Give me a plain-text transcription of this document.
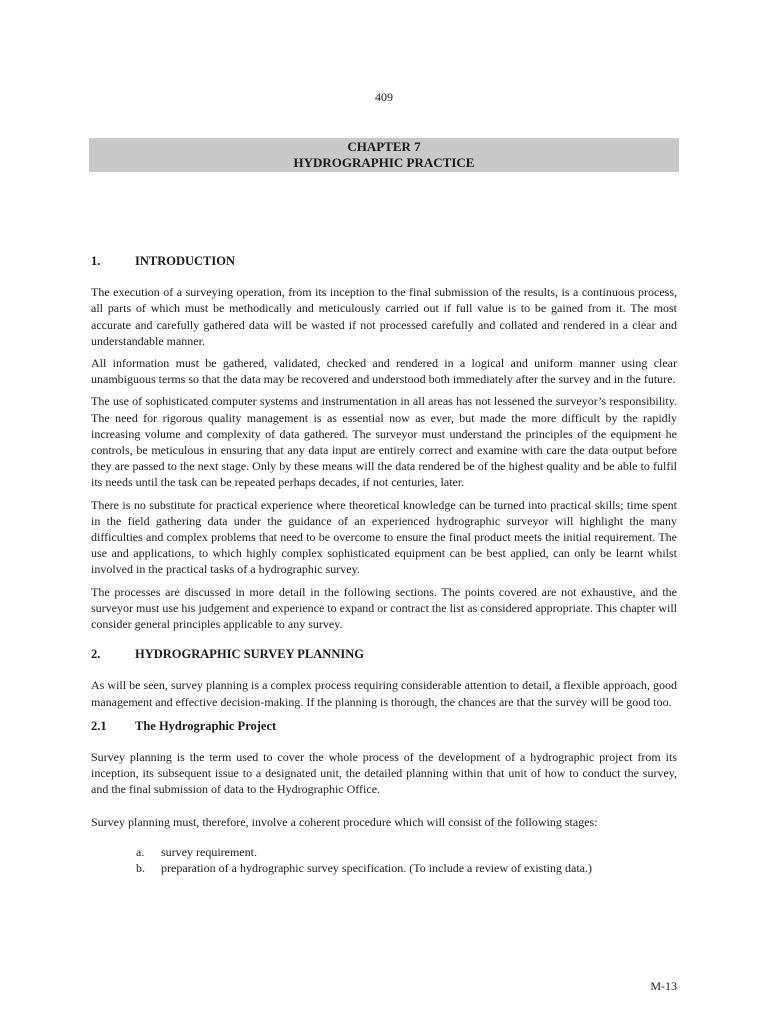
409
CHAPTER 7
HYDROGRAPHIC PRACTICE
1.	INTRODUCTION

The execution of a surveying operation, from its inception to the final submission of the results, is a continuous process, all parts of which must be methodically and meticulously carried out if full value is to be gained from it. The most accurate and carefully gathered data will be wasted if not processed carefully and collated and rendered in a clear and understandable manner.

All information must be gathered, validated, checked and rendered in a logical and uniform manner using clear unambiguous terms so that the data may be recovered and understood both immediately after the survey and in the future.

The use of sophisticated computer systems and instrumentation in all areas has not lessened the surveyor’s responsibility. The need for rigorous quality management is as essential now as ever, but made the more difficult by the rapidly increasing volume and complexity of data gathered. The surveyor must understand the principles of the equipment he controls, be meticulous in ensuring that any data input are entirely correct and examine with care the data output before they are passed to the next stage. Only by these means will the data rendered be of the highest quality and be able to fulfil its needs until the task can be repeated perhaps decades, if not centuries, later.

There is no substitute for practical experience where theoretical knowledge can be turned into practical skills; time spent in the field gathering data under the guidance of an experienced hydrographic surveyor will highlight the many difficulties and complex problems that need to be overcome to ensure the final product meets the initial requirement. The use and applications, to which highly complex sophisticated equipment can be best applied, can only be learnt whilst involved in the practical tasks of a hydrographic survey.

The processes are discussed in more detail in the following sections. The points covered are not exhaustive, and the surveyor must use his judgement and experience to expand or contract the list as considered appropriate. This chapter will consider general principles applicable to any survey.

2.	HYDROGRAPHIC SURVEY PLANNING

As will be seen, survey planning is a complex process requiring considerable attention to detail, a flexible approach, good management and effective decision-making. If the planning is thorough, the chances are that the survey will be good too.

2.1	The Hydrographic Project

Survey planning is the term used to cover the whole process of the development of a hydrographic project from its inception, its subsequent issue to a designated unit, the detailed planning within that unit of how to conduct the survey, and the final submission of data to the Hydrographic Office.

Survey planning must, therefore, involve a coherent procedure which will consist of the following stages:

a.	survey requirement.
b.	preparation of a hydrographic survey specification. (To include a review of existing data.)
M-13
